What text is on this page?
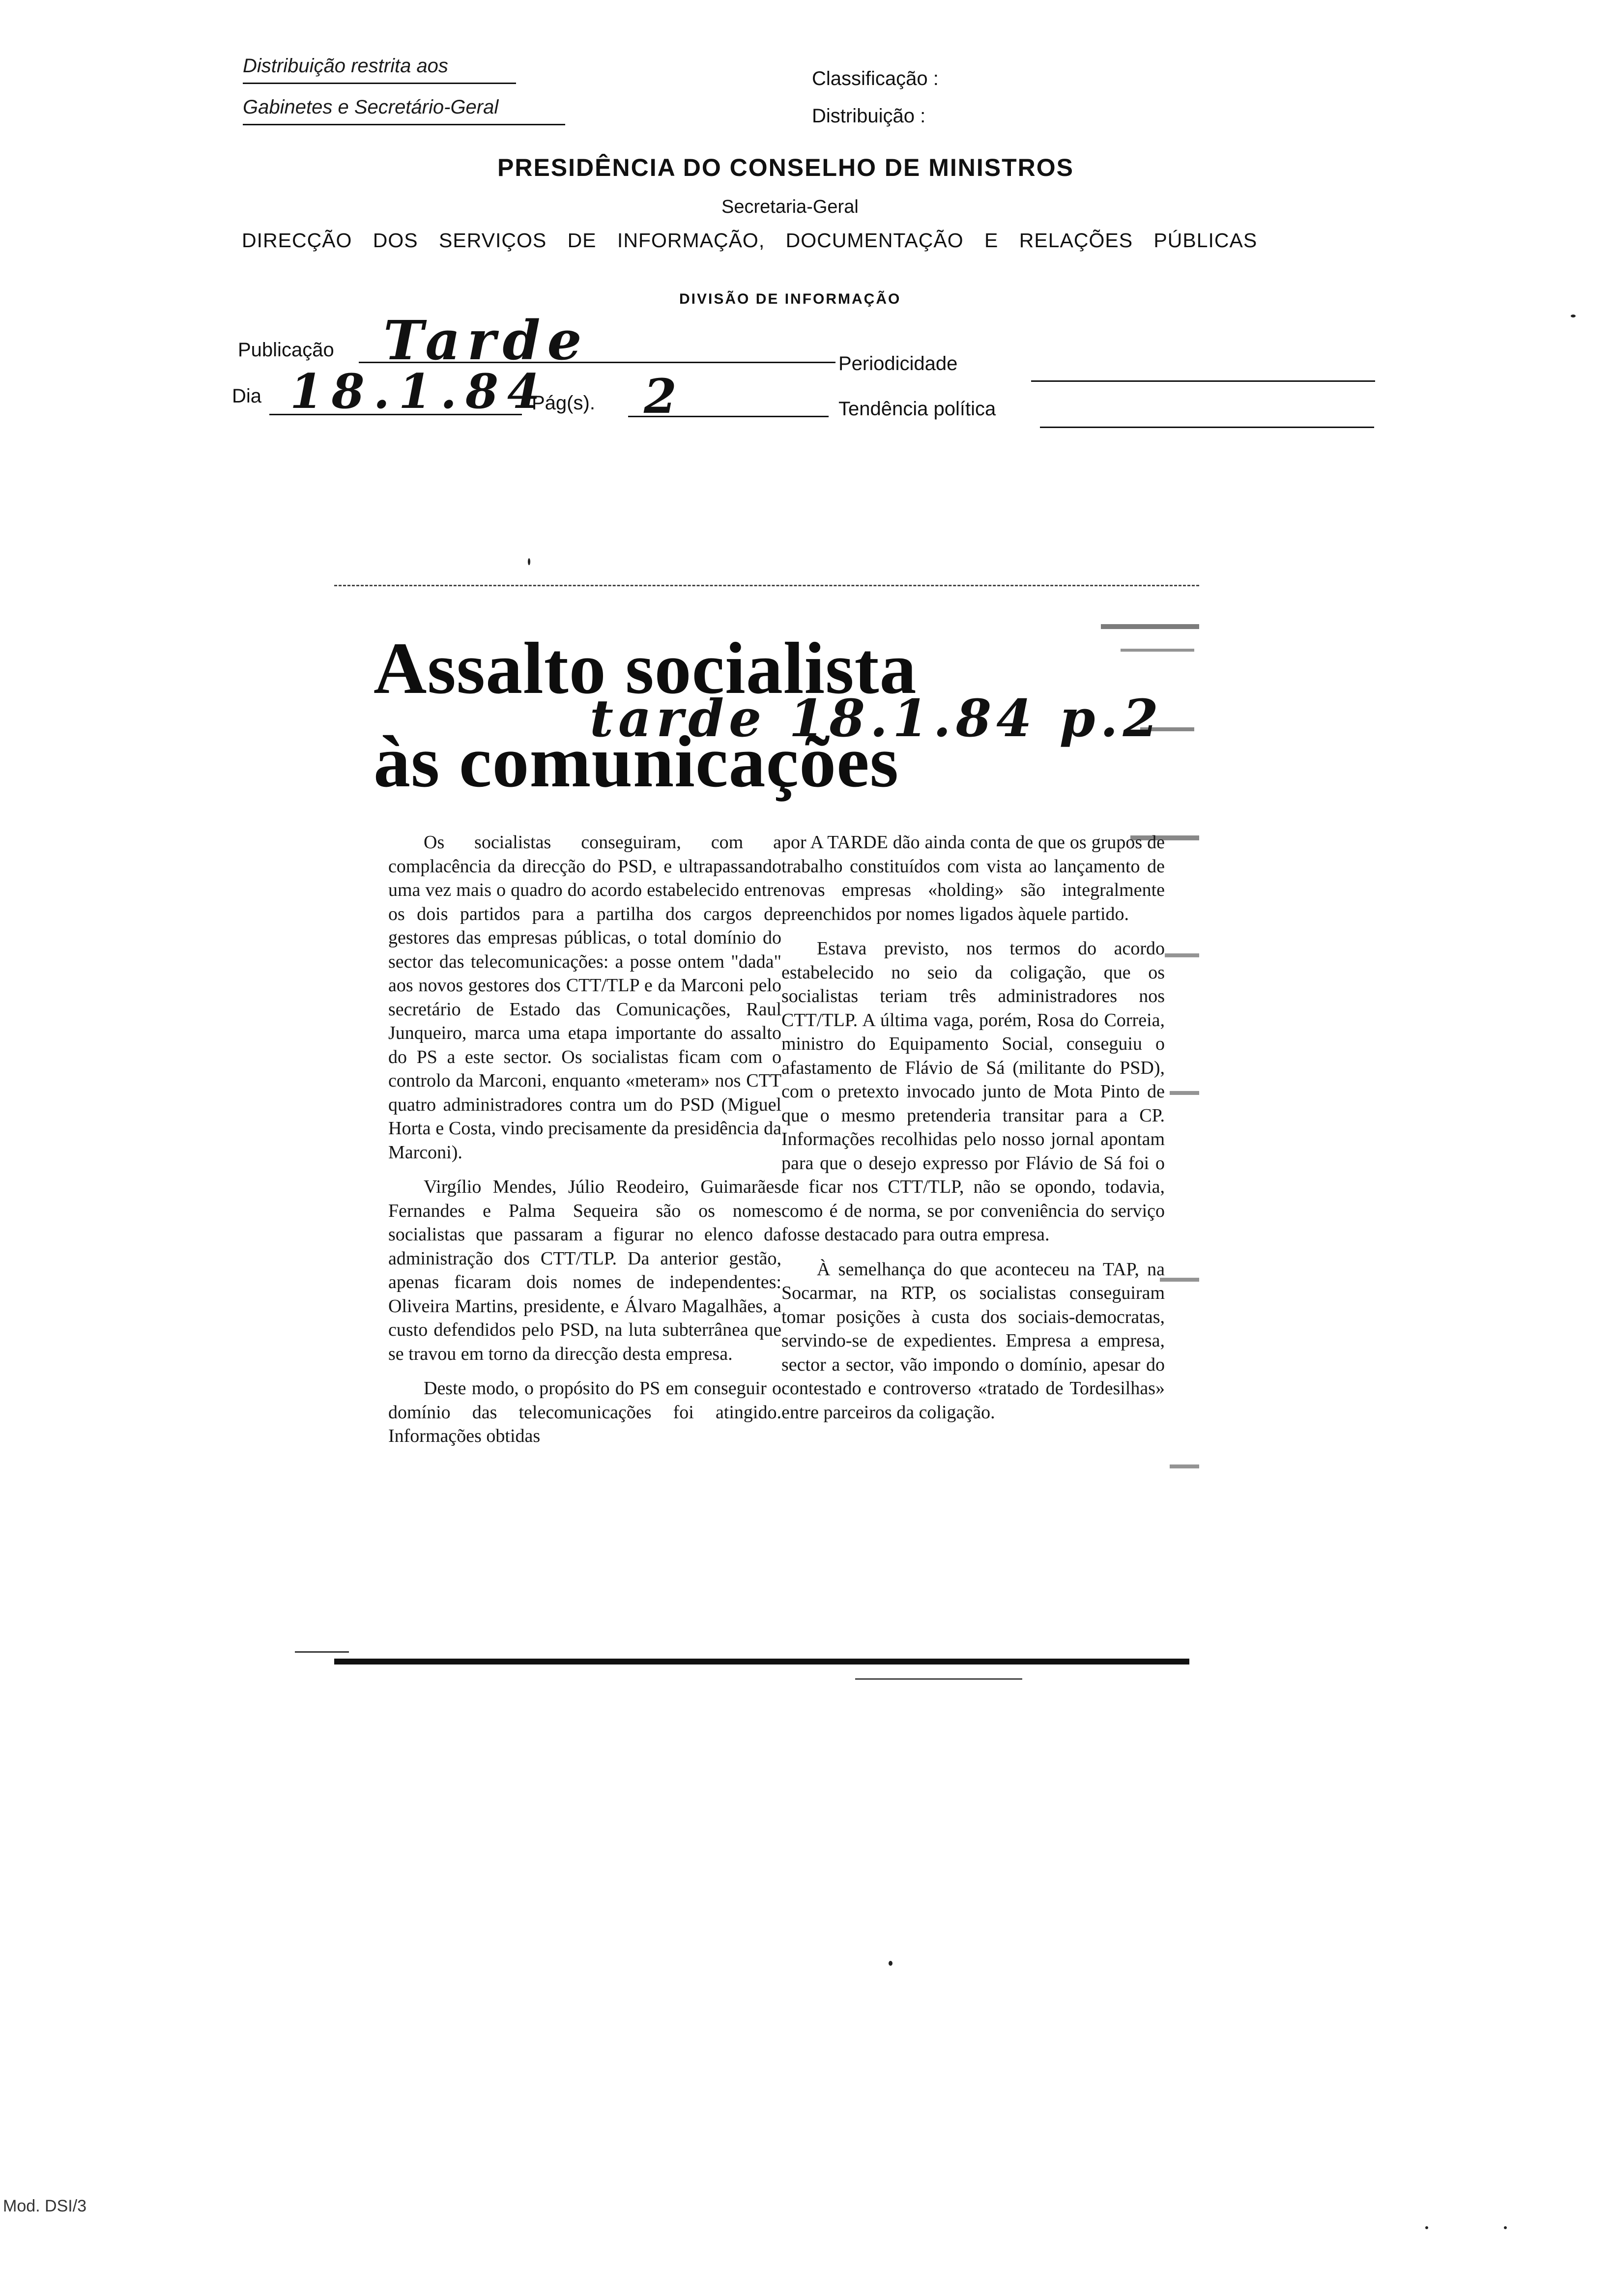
Distribuição restrita aos
Gabinetes e Secretário-Geral
Classificação :
Distribuição :
PRESIDÊNCIA DO CONSELHO DE MINISTROS
Secretaria-Geral
DIRECÇÃO DOS SERVIÇOS DE INFORMAÇÃO, DOCUMENTAÇÃO E RELAÇÕES PÚBLICAS
DIVISÃO DE INFORMAÇÃO
Publicação Tarde	Periodicidade
Dia 18.1.84
Pág(s). 2	Tendência política
Assalto socialista
às comunicações
tarde 18.1.84 p.2

Os socialistas conseguiram, com a complacência da direcção do PSD, e ultrapassando uma vez mais o quadro do acordo estabelecido entre os dois partidos para a partilha dos cargos de gestores das empresas públicas, o total domínio do sector das telecomunicações: a posse ontem "dada" aos novos gestores dos CTT/TLP e da Marconi pelo secretário de Estado das Comunicações, Raul Junqueiro, marca uma etapa importante do assalto do PS a este sector. Os socialistas ficam com o controlo da Marconi, enquanto «meteram» nos CTT quatro administradores contra um do PSD (Miguel Horta e Costa, vindo precisamente da presidência da Marconi).

Virgílio Mendes, Júlio Reodeiro, Guimarães Fernandes e Palma Sequeira são os nomes socialistas que passaram a figurar no elenco da administração dos CTT/TLP. Da anterior gestão, apenas ficaram dois nomes de independentes: Oliveira Martins, presidente, e Álvaro Magalhães, a custo defendidos pelo PSD, na luta subterrânea que se travou em torno da direcção desta empresa.

Deste modo, o propósito do PS em conseguir o domínio das telecomunicações foi atingido. Informações obtidas

por A TARDE dão ainda conta de que os grupos de trabalho constituídos com vista ao lançamento de novas empresas «holding» são integralmente preenchidos por nomes ligados àquele partido.

Estava previsto, nos termos do acordo estabelecido no seio da coligação, que os socialistas teriam três administradores nos CTT/TLP. A última vaga, porém, Rosa do Correia, ministro do Equipamento Social, conseguiu o afastamento de Flávio de Sá (militante do PSD), com o pretexto invocado junto de Mota Pinto de que o mesmo pretenderia transitar para a CP. Informações recolhidas pelo nosso jornal apontam para que o desejo expresso por Flávio de Sá foi o de ficar nos CTT/TLP, não se opondo, todavia, como é de norma, se por conveniência do serviço fosse destacado para outra empresa.

À semelhança do que aconteceu na TAP, na Socarmar, na RTP, os socialistas conseguiram tomar posições à custa dos sociais-democratas, servindo-se de expedientes. Empresa a empresa, sector a sector, vão impondo o domínio, apesar do contestado e controverso «tratado de Tordesilhas» entre parceiros da coligação.

Mod. DSI/3
